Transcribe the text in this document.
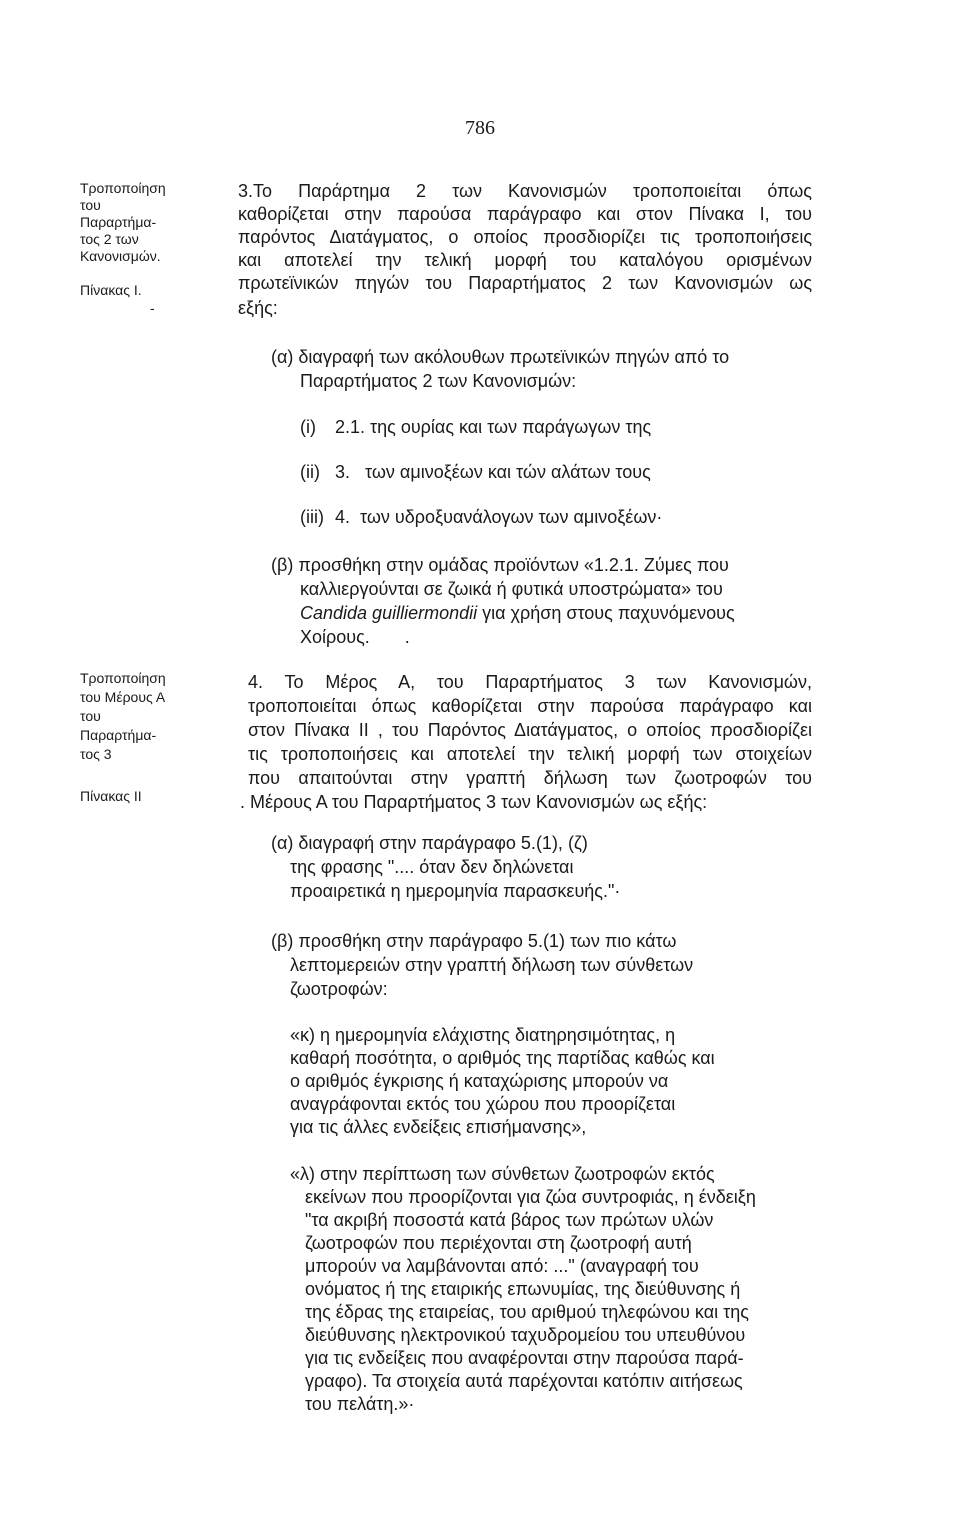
786
Τροποποίηση
του
Παραρτήμα-
τος 2 των
Κανονισμών.
Πίνακας Ι.
-
Τροποποίηση
του Μέρους Α
του
Παραρτήμα-
τος 3
Πίνακας ΙΙ
3.Το Παράρτημα 2 των Κανονισμών τροποποιείται όπως
καθορίζεται στην παρούσα παράγραφο και στον Πίνακα Ι, του
παρόντος Διατάγματος, ο οποίος προσδιορίζει τις τροποποιήσεις
και αποτελεί την τελική μορφή του καταλόγου ορισμένων
πρωτεϊνικών πηγών του Παραρτήματος 2 των Κανονισμών ως
εξής:
(α) διαγραφή των ακόλουθων πρωτεϊνικών πηγών από το
Παραρτήματος 2 των Κανονισμών:
(i) 2.1. της ουρίας και των παράγωγων της
(ii) 3.   των αμινοξέων και τών αλάτων τους
(iii) 4.  των υδροξυανάλογων των αμινοξέων·
(β) προσθήκη στην ομάδας προϊόντων «1.2.1. Ζύμες που
καλλιεργούνται σε ζωικά ή φυτικά υποστρώματα» του
Candida guilliermondii για χρήση στους παχυνόμενους
Χοίρους.       .
4. Το Μέρος Α, του Παραρτήματος 3 των Κανονισμών,
τροποποιείται όπως καθορίζεται στην παρούσα παράγραφο και
στον Πίνακα ΙΙ , του Παρόντος Διατάγματος, ο οποίος προσδιορίζει
τις τροποποιήσεις και αποτελεί την τελική μορφή των στοιχείων
που απαιτούνται στην γραπτή δήλωση των ζωοτροφών του
. Μέρους Α του Παραρτήματος 3 των Κανονισμών ως εξής:
(α) διαγραφή στην παράγραφο 5.(1), (ζ)
της φρασης ".... όταν δεν δηλώνεται
προαιρετικά η ημερομηνία παρασκευής."·
(β) προσθήκη στην παράγραφο 5.(1) των πιο κάτω
λεπτομερειών στην γραπτή δήλωση των σύνθετων
ζωοτροφών:
«κ) η ημερομηνία ελάχιστης διατηρησιμότητας, η
καθαρή ποσότητα, ο αριθμός της παρτίδας καθώς και
ο αριθμός έγκρισης ή καταχώρισης μπορούν να
αναγράφονται εκτός του χώρου που προορίζεται
για τις άλλες ενδείξεις επισήμανσης»,
«λ) στην περίπτωση των σύνθετων ζωοτροφών εκτός
εκείνων που προορίζονται για ζώα συντροφιάς, η ένδειξη
"τα ακριβή ποσοστά κατά βάρος των πρώτων υλών
ζωοτροφών που περιέχονται στη ζωοτροφή αυτή
μπορούν να λαμβάνονται από: ..." (αναγραφή του
ονόματος ή της εταιρικής επωνυμίας, της διεύθυνσης ή
της έδρας της εταιρείας, του αριθμού τηλεφώνου και της
διεύθυνσης ηλεκτρονικού ταχυδρομείου του υπευθύνου
για τις ενδείξεις που αναφέρονται στην παρούσα παρά-
γραφο). Τα στοιχεία αυτά παρέχονται κατόπιν αιτήσεως
του πελάτη.»·
